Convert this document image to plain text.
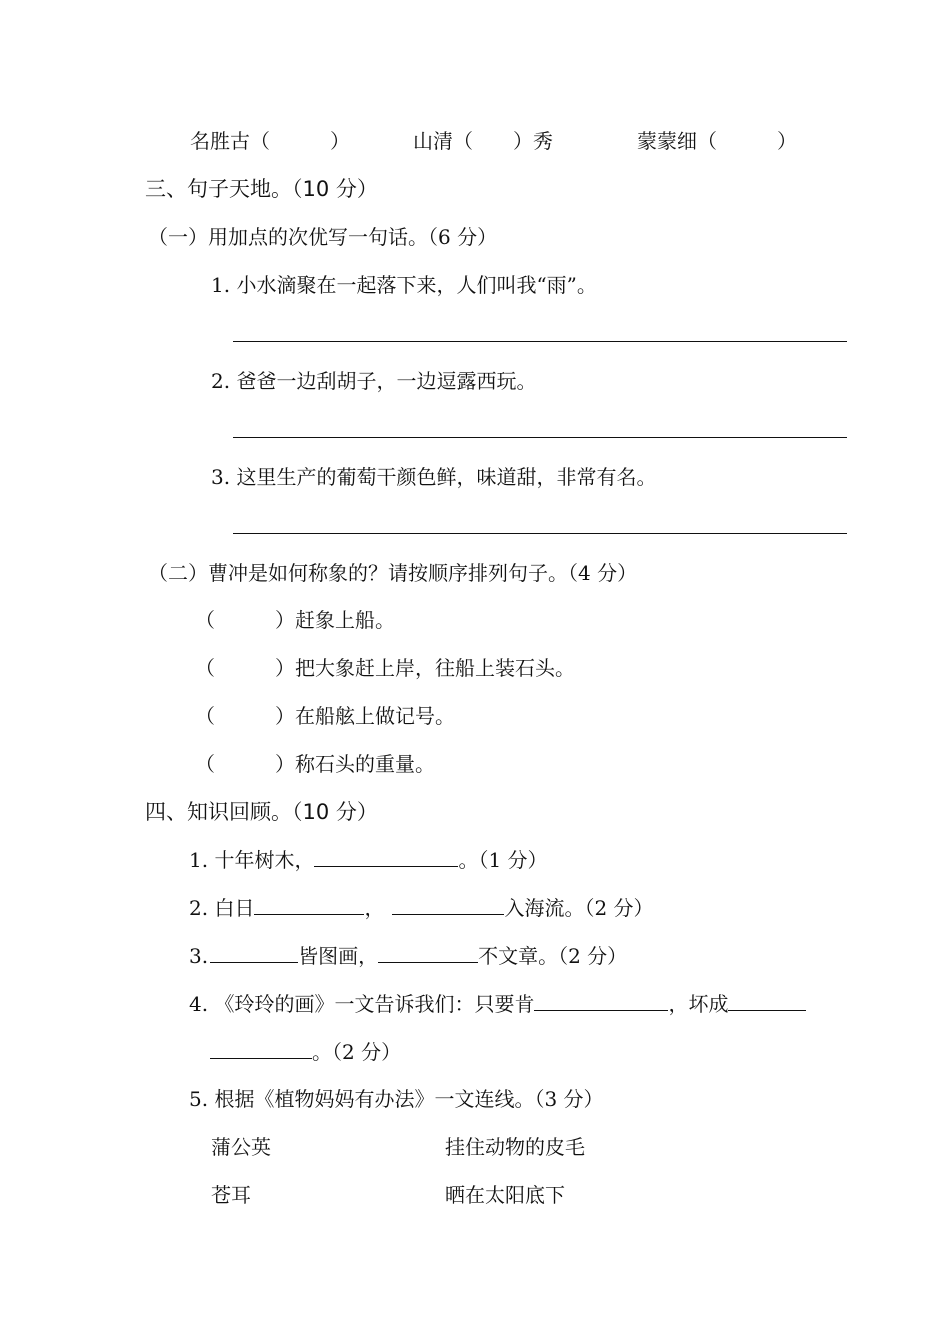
名胜古（　　　）	山清（　　）秀	蒙蒙细（　　　）
三、句子天地。（10 分）
（一）用加点的次优写一句话。（6 分）
1. 小水滴聚在一起落下来，人们叫我“雨”。
2. 爸爸一边刮胡子，一边逗露西玩。
3. 这里生产的葡萄干颜色鲜，味道甜，非常有名。
（二）曹冲是如何称象的？请按顺序排列句子。（4 分）
（　　　）赶象上船。
（　　　）把大象赶上岸，往船上装石头。
（　　　）在船舷上做记号。
（　　　）称石头的重量。
四、知识回顾。（10 分）
1. 十年树木，	。（1 分）
2. 白日	，	入海流。（2 分）
3.	皆图画，	不文章。（2 分）
4. 《玲玲的画》一文告诉我们：只要肯	，坏成
。（2 分）
5. 根据《植物妈妈有办法》一文连线。（3 分）
蒲公英	挂住动物的皮毛
苍耳	晒在太阳底下
